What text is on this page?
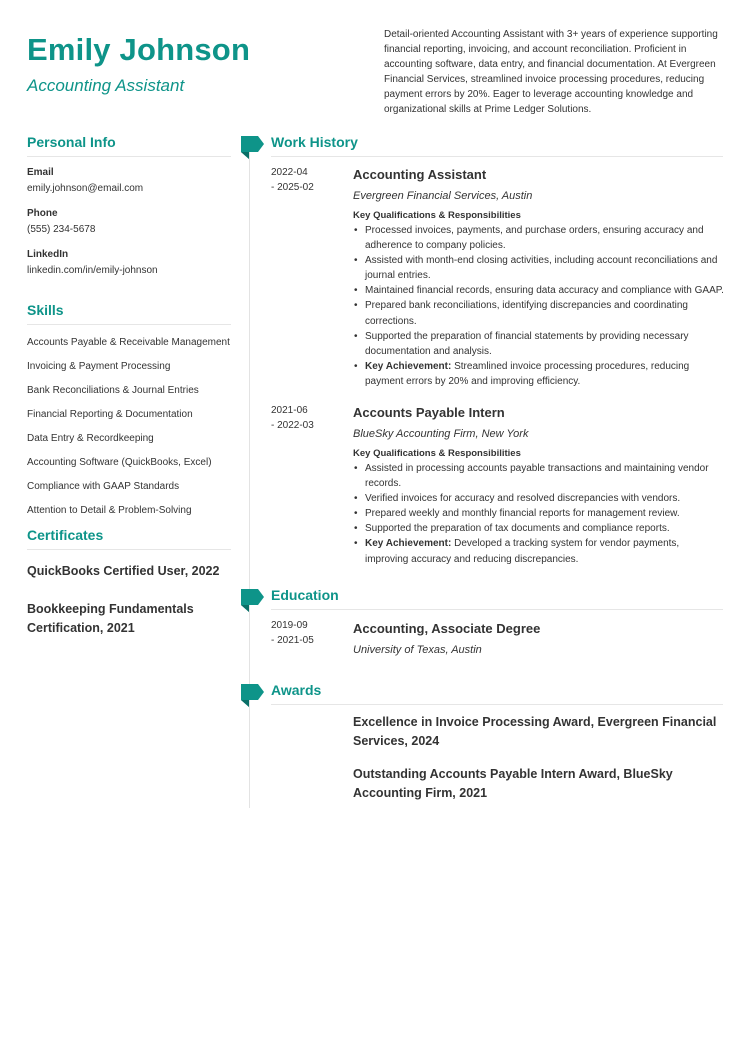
Emily Johnson
Accounting Assistant
Detail-oriented Accounting Assistant with 3+ years of experience supporting financial reporting, invoicing, and account reconciliation. Proficient in accounting software, data entry, and financial documentation. At Evergreen Financial Services, streamlined invoice processing procedures, reducing payment errors by 20%. Eager to leverage accounting knowledge and organizational skills at Prime Ledger Solutions.
Personal Info
Email
emily.johnson@email.com
Phone
(555) 234-5678
LinkedIn
linkedin.com/in/emily-johnson
Skills
Accounts Payable & Receivable Management
Invoicing & Payment Processing
Bank Reconciliations & Journal Entries
Financial Reporting & Documentation
Data Entry & Recordkeeping
Accounting Software (QuickBooks, Excel)
Compliance with GAAP Standards
Attention to Detail & Problem-Solving
Certificates
QuickBooks Certified User, 2022
Bookkeeping Fundamentals Certification, 2021
Work History
2022-04
- 2025-02
Accounting Assistant
Evergreen Financial Services, Austin
Key Qualifications & Responsibilities
• Processed invoices, payments, and purchase orders, ensuring accuracy and adherence to company policies.
• Assisted with month-end closing activities, including account reconciliations and journal entries.
• Maintained financial records, ensuring data accuracy and compliance with GAAP.
• Prepared bank reconciliations, identifying discrepancies and coordinating corrections.
• Supported the preparation of financial statements by providing necessary documentation and analysis.
• Key Achievement: Streamlined invoice processing procedures, reducing payment errors by 20% and improving efficiency.
2021-06
- 2022-03
Accounts Payable Intern
BlueSky Accounting Firm, New York
Key Qualifications & Responsibilities
• Assisted in processing accounts payable transactions and maintaining vendor records.
• Verified invoices for accuracy and resolved discrepancies with vendors.
• Prepared weekly and monthly financial reports for management review.
• Supported the preparation of tax documents and compliance reports.
• Key Achievement: Developed a tracking system for vendor payments, improving accuracy and reducing discrepancies.
Education
2019-09
- 2021-05
Accounting, Associate Degree
University of Texas, Austin
Awards
Excellence in Invoice Processing Award, Evergreen Financial Services, 2024
Outstanding Accounts Payable Intern Award, BlueSky Accounting Firm, 2021
